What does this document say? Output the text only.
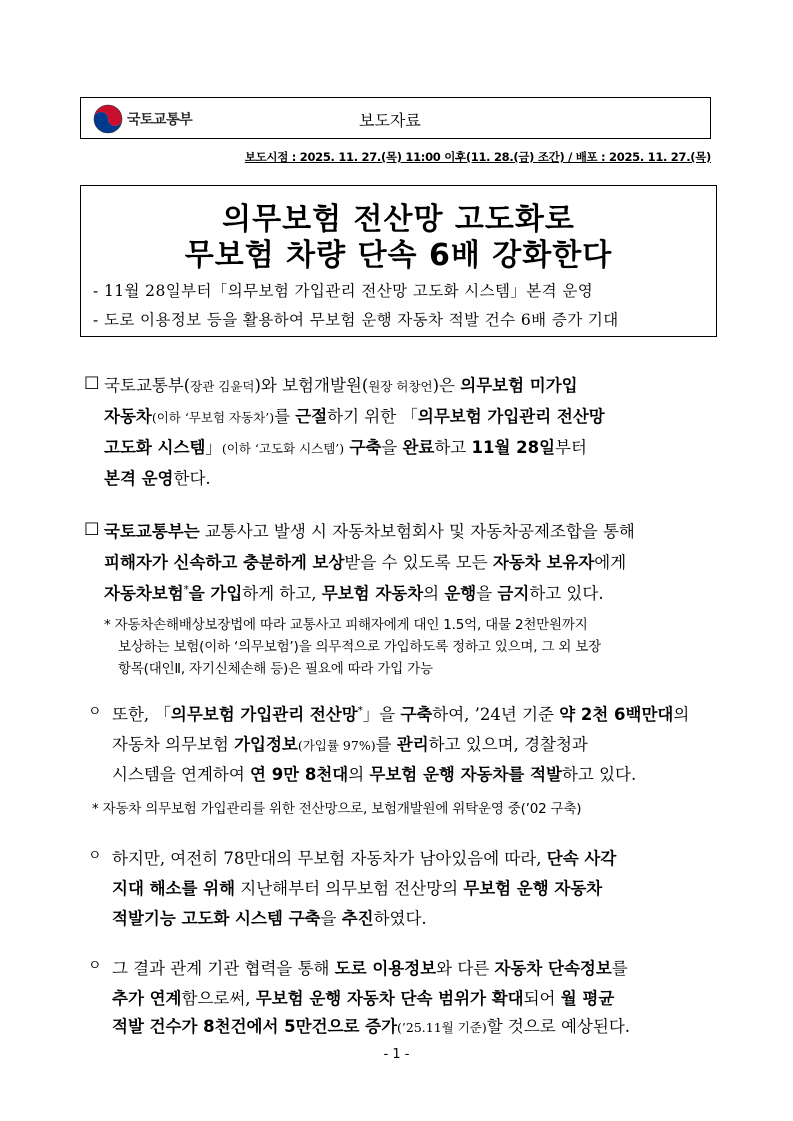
국토교통부	보도자료
보도시점 : 2025. 11. 27.(목) 11:00 이후(11. 28.(금) 조간) / 배포 : 2025. 11. 27.(목)
의무보험 전산망 고도화로
무보험 차량 단속 6배 강화한다
- 11월 28일부터「의무보험 가입관리 전산망 고도화 시스템」본격 운영
- 도로 이용정보 등을 활용하여 무보험 운행 자동차 적발 건수 6배 증가 기대
□ 국토교통부(장관 김윤덕)와 보험개발원(원장 허창언)은 의무보험 미가입
자동차(이하 ‘무보험 자동차’)를 근절하기 위한 「의무보험 가입관리 전산망
고도화 시스템」(이하 ‘고도화 시스템’) 구축을 완료하고 11월 28일부터
본격 운영한다.
□ 국토교통부는 교통사고 발생 시 자동차보험회사 및 자동차공제조합을 통해
피해자가 신속하고 충분하게 보상받을 수 있도록 모든 자동차 보유자에게
자동차보험*을 가입하게 하고, 무보험 자동차의 운행을 금지하고 있다.
* 자동차손해배상보장법에 따라 교통사고 피해자에게 대인 1.5억, 대물 2천만원까지
보상하는 보험(이하 ‘의무보험’)을 의무적으로 가입하도록 정하고 있으며, 그 외 보장
항목(대인Ⅱ, 자기신체손해 등)은 필요에 따라 가입 가능
ㅇ 또한, 「의무보험 가입관리 전산망*」을 구축하여, ’24년 기준 약 2천 6백만대의
자동차 의무보험 가입정보(가입률 97%)를 관리하고 있으며, 경찰청과
시스템을 연계하여 연 9만 8천대의 무보험 운행 자동차를 적발하고 있다.
* 자동차 의무보험 가입관리를 위한 전산망으로, 보험개발원에 위탁운영 중(’02 구축)
ㅇ 하지만, 여전히 78만대의 무보험 자동차가 남아있음에 따라, 단속 사각
지대 해소를 위해 지난해부터 의무보험 전산망의 무보험 운행 자동차
적발기능 고도화 시스템 구축을 추진하였다.
ㅇ 그 결과 관계 기관 협력을 통해 도로 이용정보와 다른 자동차 단속정보를
추가 연계함으로써, 무보험 운행 자동차 단속 범위가 확대되어 월 평균
적발 건수가 8천건에서 5만건으로 증가(’25.11월 기준)할 것으로 예상된다.
- 1 -
